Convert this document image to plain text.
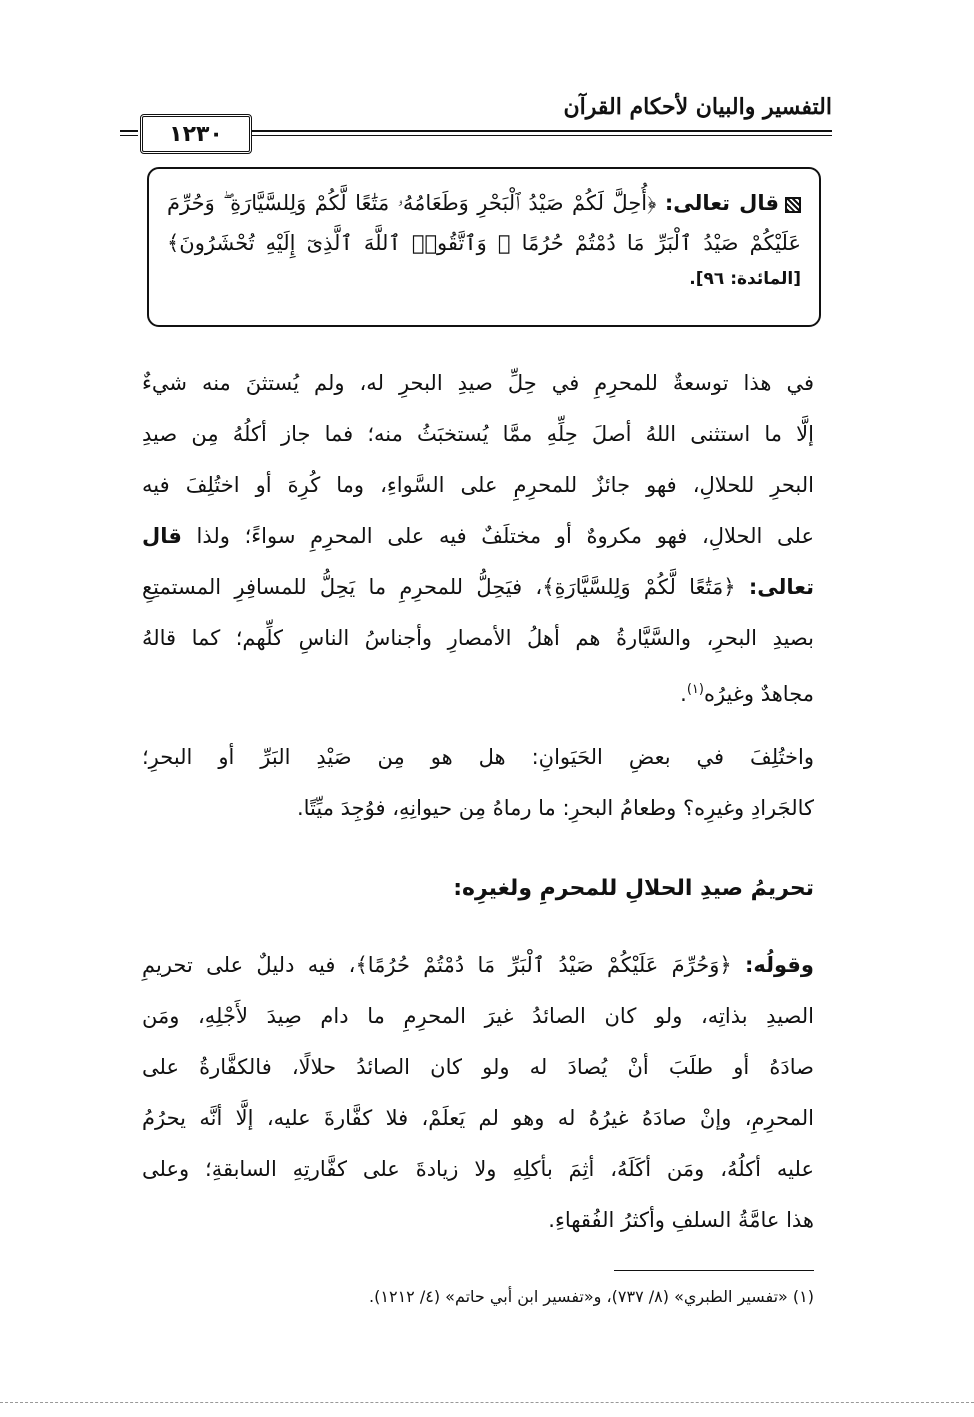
التفسير والبيان لأحكام القرآن
١٢٣٠
قال تعالى: ﴿أُحِلَّ لَكُمْ صَيْدُ ٱلْبَحْرِ وَطَعَامُهُۥ مَتَٰعًا لَّكُمْ وَلِلسَّيَّارَةِ ۖ وَحُرِّمَ
عَلَيْكُمْ صَيْدُ ٱلْبَرِّ مَا دُمْتُمْ حُرُمًا ۗ وَٱتَّقُوا۟ ٱللَّهَ ٱلَّذِىٓ إِلَيْهِ تُحْشَرُونَ﴾
[المائدة: ٩٦].
في هذا توسعةٌ للمحرِمِ في حِلِّ صيدِ البحرِ له، ولم يُستثنَ منه شيءٌ
إلَّا ما استثنى اللهُ أصلَ حِلِّهِ ممَّا يُستخبَثُ منه؛ فما جاز أكلُهُ مِن صيدِ
البحرِ للحلالِ، فهو جائزٌ للمحرِمِ على السَّواءِ، وما كُرِهَ أو اختُلِفَ فيه
على الحلالِ، فهو مكروهٌ أو مختلَفٌ فيه على المحرِمِ سواءً؛ ولذا قال
تعالى: ﴿مَتَٰعًا لَّكُمْ وَلِلسَّيَّارَةِ﴾، فيَحِلُّ للمحرِمِ ما يَحِلُّ للمسافِرِ المستمتِعِ
بصيدِ البحرِ، والسَّيَّارةُ هم أهلُ الأمصارِ وأجناسُ الناسِ كلِّهم؛ كما قالهُ
مجاهدٌ وغيرُه$^{(١)}$.
واختُلِفَ في بعضِ الحَيَوانِ: هل هو مِن صَيْدِ البَرِّ أو البحرِ؛
كالجَرادِ وغيرِه؟ وطعامُ البحرِ: ما رماهُ مِن حيوانِهِ، فوُجِدَ ميِّتًا.
تحريمُ صيدِ الحلالِ للمحرمِ ولغيرِه:
وقولُه: ﴿وَحُرِّمَ عَلَيْكُمْ صَيْدُ ٱلْبَرِّ مَا دُمْتُمْ حُرُمًا﴾، فيه دليلٌ على تحريمِ
الصيدِ بذاتِه، ولو كان الصائدُ غيرَ المحرِمِ ما دام صِيدَ لأَجْلِهِ، ومَن
صادَهُ أو طلَبَ أنْ يُصادَ له ولو كان الصائدُ حلالًا، فالكفَّارةُ على
المحرِمِ، وإنْ صادَهُ غيرُهُ له وهو لم يَعلَمْ، فلا كفَّارةَ عليه، إلَّا أنَّه يحرُمُ
عليه أكلُهُ، ومَن أكَلَهُ، أثِمَ بأكلِهِ ولا زيادةَ على كفَّارتِهِ السابقةِ؛ وعلى
هذا عامَّةُ السلفِ وأكثرُ الفُقهاءِ.
(١) «تفسير الطبري» (٨/ ٧٣٧)، و«تفسير ابن أبي حاتم» (٤/ ١٢١٢).
